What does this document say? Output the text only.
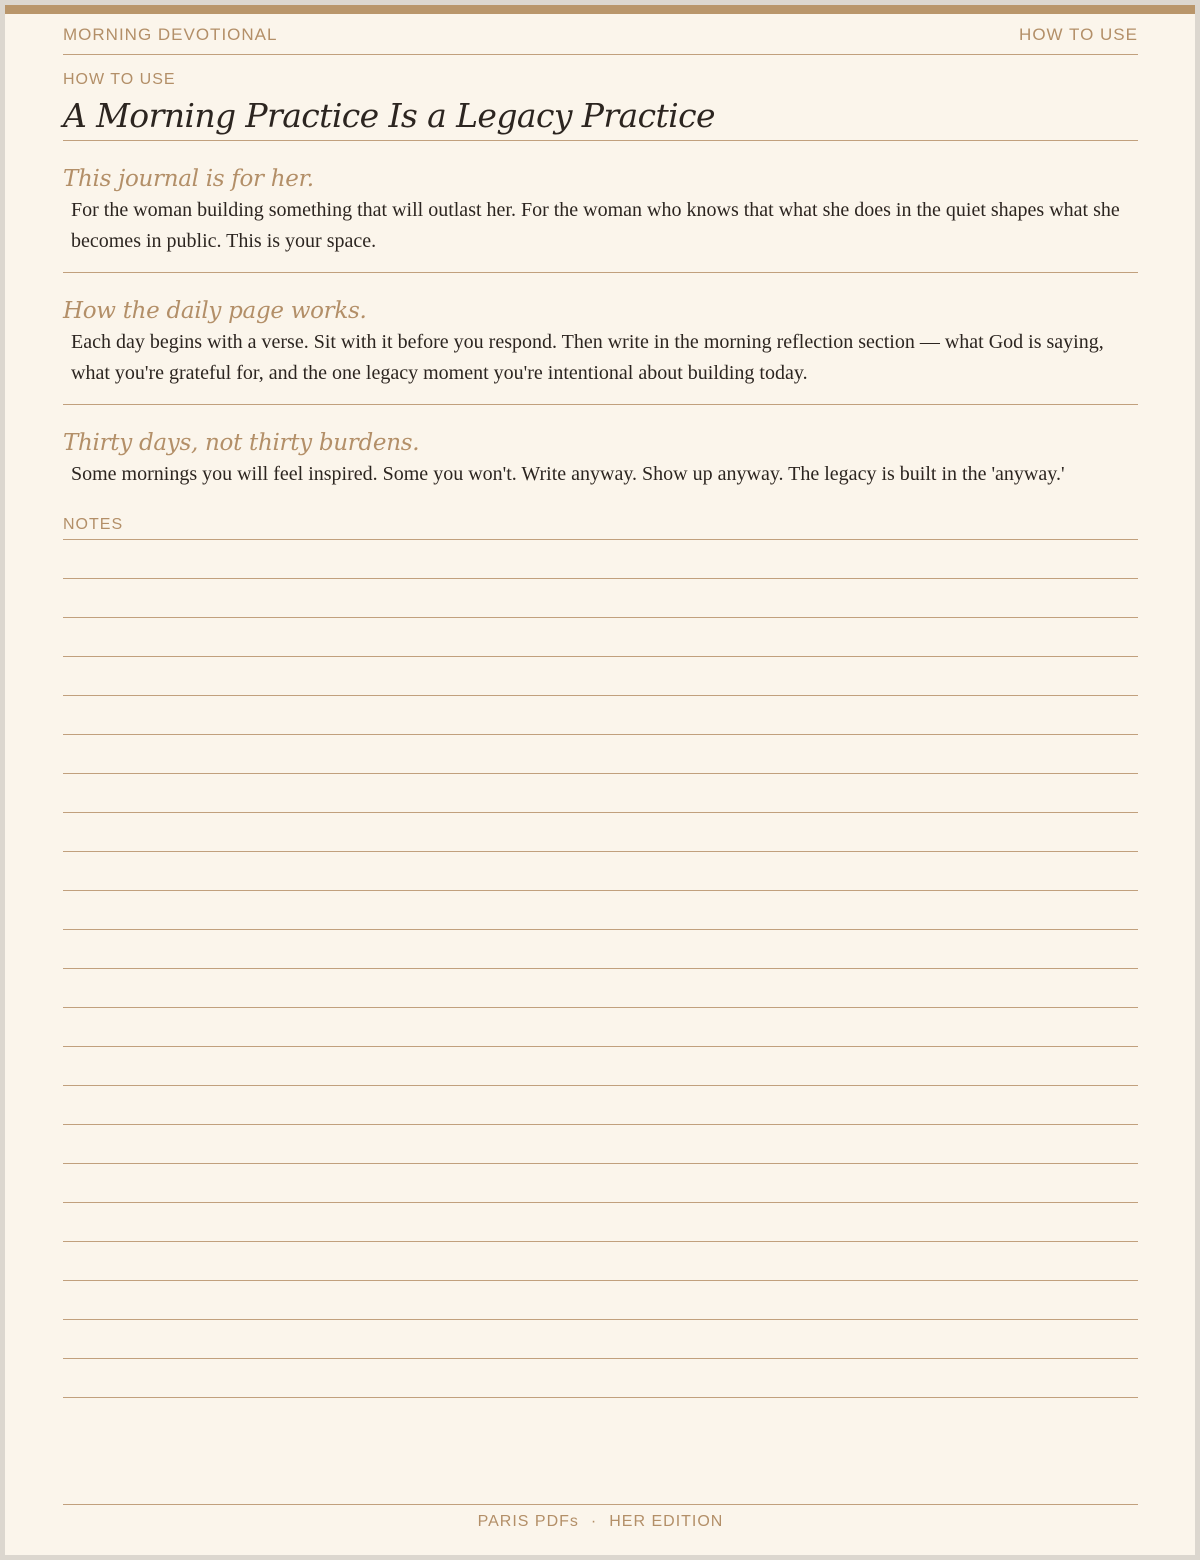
MORNING DEVOTIONAL	HOW TO USE
HOW TO USE
A Morning Practice Is a Legacy Practice
This journal is for her.
For the woman building something that will outlast her. For the woman who knows that what she does in the quiet shapes what she becomes in public. This is your space.
How the daily page works.
Each day begins with a verse. Sit with it before you respond. Then write in the morning reflection section — what God is saying, what you're grateful for, and the one legacy moment you're intentional about building today.
Thirty days, not thirty burdens.
Some mornings you will feel inspired. Some you won't. Write anyway. Show up anyway. The legacy is built in the 'anyway.'
NOTES
PARIS PDFs · HER EDITION
